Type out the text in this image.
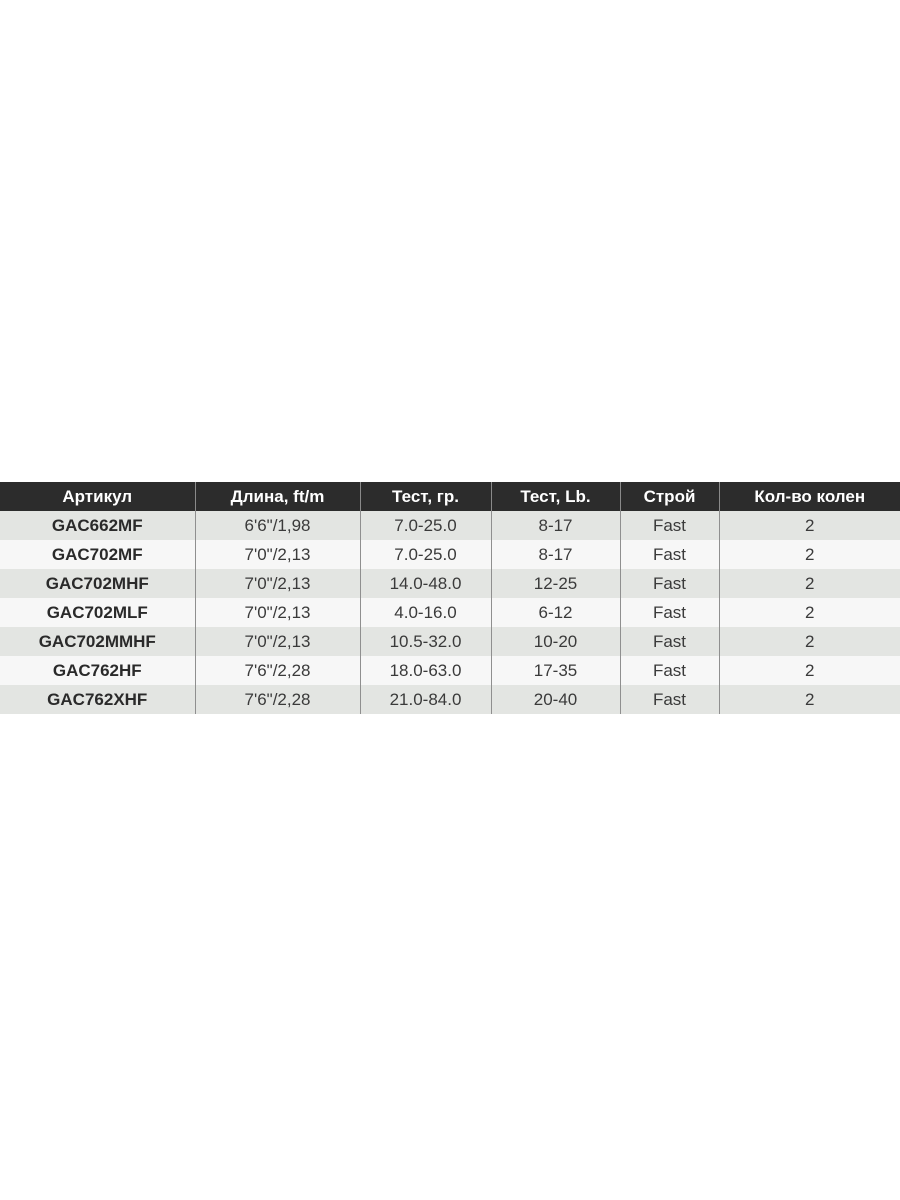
Артикул	Длина, ft/m	Тест, гр.	Тест, Lb.	Строй	Кол-во колен
GAC662MF	6'6"/1,98	7.0-25.0	8-17	Fast	2
GAC702MF	7'0"/2,13	7.0-25.0	8-17	Fast	2
GAC702MHF	7'0"/2,13	14.0-48.0	12-25	Fast	2
GAC702MLF	7'0"/2,13	4.0-16.0	6-12	Fast	2
GAC702MMHF	7'0"/2,13	10.5-32.0	10-20	Fast	2
GAC762HF	7'6"/2,28	18.0-63.0	17-35	Fast	2
GAC762XHF	7'6"/2,28	21.0-84.0	20-40	Fast	2
